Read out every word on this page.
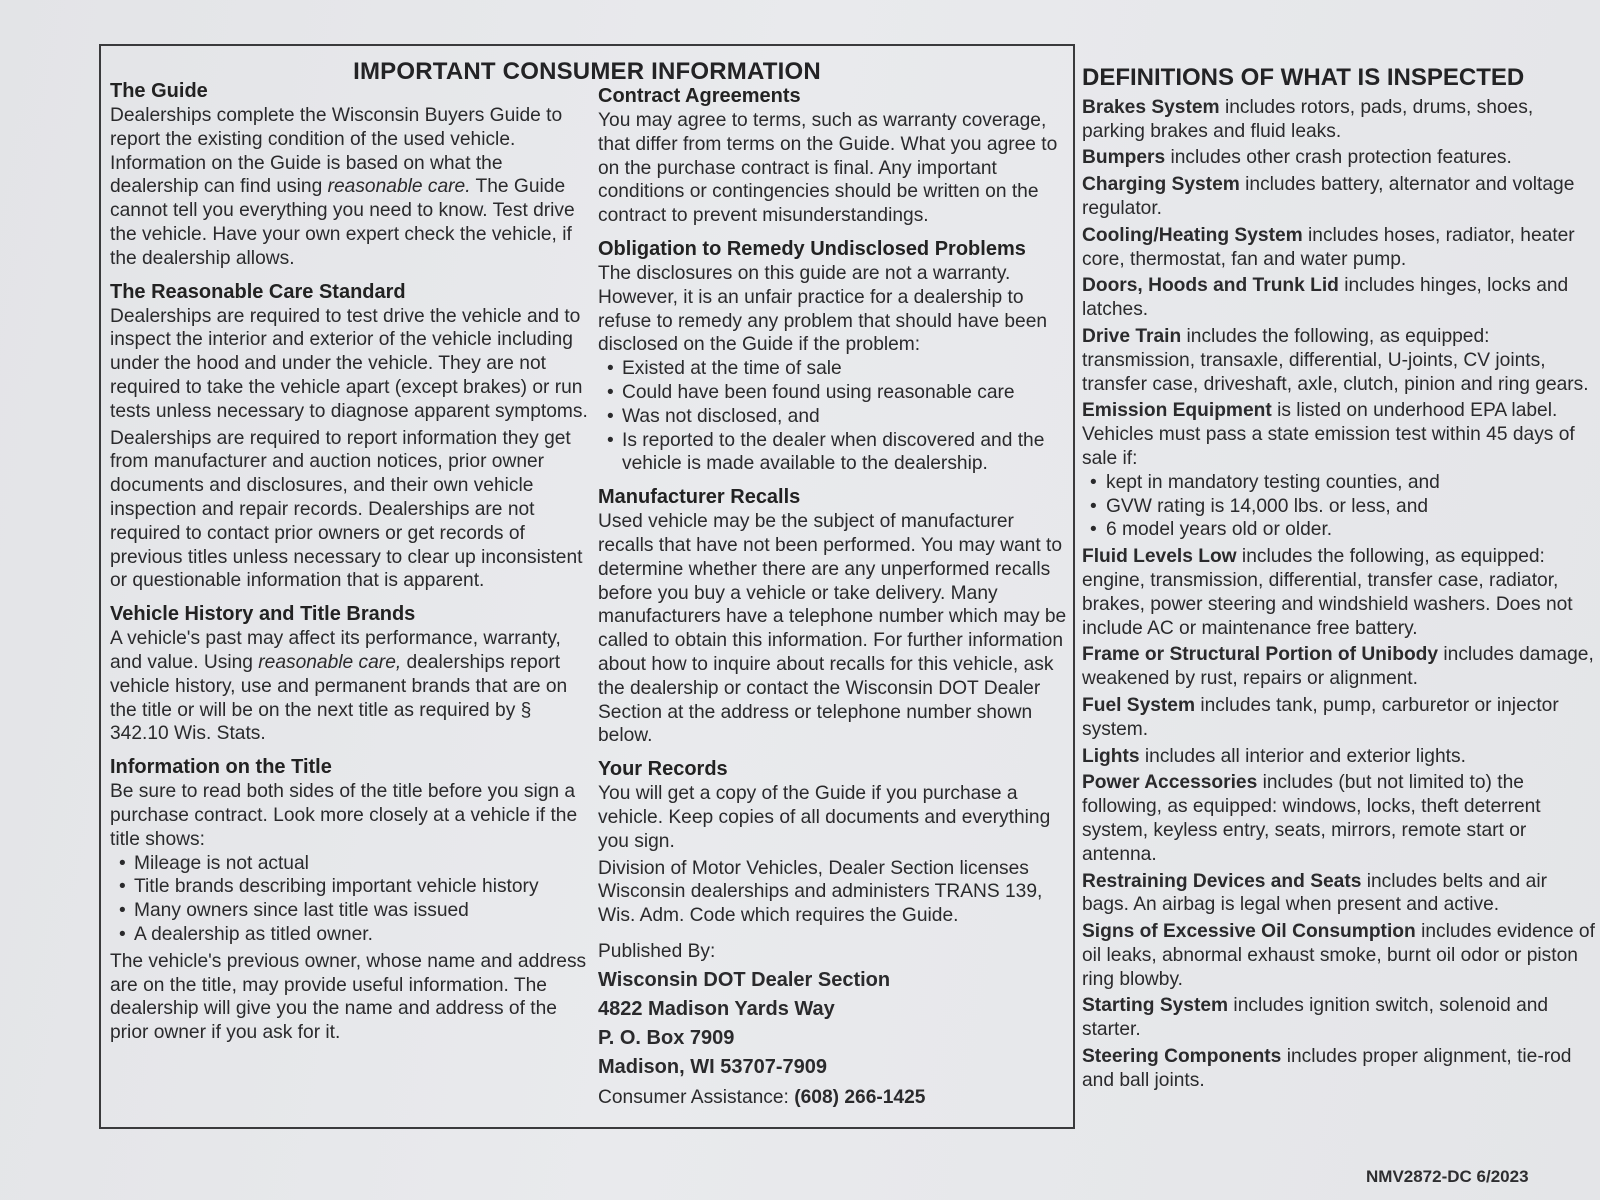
IMPORTANT CONSUMER INFORMATION
The Guide
Dealerships complete the Wisconsin Buyers Guide to report the existing condition of the used vehicle. Information on the Guide is based on what the dealership can find using reasonable care. The Guide cannot tell you everything you need to know. Test drive the vehicle. Have your own expert check the vehicle, if the dealership allows.
The Reasonable Care Standard
Dealerships are required to test drive the vehicle and to inspect the interior and exterior of the vehicle including under the hood and under the vehicle. They are not required to take the vehicle apart (except brakes) or run tests unless necessary to diagnose apparent symptoms.
Dealerships are required to report information they get from manufacturer and auction notices, prior owner documents and disclosures, and their own vehicle inspection and repair records. Dealerships are not required to contact prior owners or get records of previous titles unless necessary to clear up inconsistent or questionable information that is apparent.
Vehicle History and Title Brands
A vehicle's past may affect its performance, warranty, and value. Using reasonable care, dealerships report vehicle history, use and permanent brands that are on the title or will be on the next title as required by § 342.10 Wis. Stats.
Information on the Title
Be sure to read both sides of the title before you sign a purchase contract. Look more closely at a vehicle if the title shows:
• Mileage is not actual
• Title brands describing important vehicle history
• Many owners since last title was issued
• A dealership as titled owner.
The vehicle's previous owner, whose name and address are on the title, may provide useful information. The dealership will give you the name and address of the prior owner if you ask for it.
Contract Agreements
You may agree to terms, such as warranty coverage, that differ from terms on the Guide. What you agree to on the purchase contract is final. Any important conditions or contingencies should be written on the contract to prevent misunderstandings.
Obligation to Remedy Undisclosed Problems
The disclosures on this guide are not a warranty. However, it is an unfair practice for a dealership to refuse to remedy any problem that should have been disclosed on the Guide if the problem:
• Existed at the time of sale
• Could have been found using reasonable care
• Was not disclosed, and
• Is reported to the dealer when discovered and the vehicle is made available to the dealership.
Manufacturer Recalls
Used vehicle may be the subject of manufacturer recalls that have not been performed. You may want to determine whether there are any unperformed recalls before you buy a vehicle or take delivery. Many manufacturers have a telephone number which may be called to obtain this information. For further information about how to inquire about recalls for this vehicle, ask the dealership or contact the Wisconsin DOT Dealer Section at the address or telephone number shown below.
Your Records
You will get a copy of the Guide if you purchase a vehicle. Keep copies of all documents and everything you sign.
Division of Motor Vehicles, Dealer Section licenses Wisconsin dealerships and administers TRANS 139, Wis. Adm. Code which requires the Guide.
Published By:
Wisconsin DOT Dealer Section
4822 Madison Yards Way
P. O. Box 7909
Madison, WI 53707-7909
Consumer Assistance: (608) 266-1425
DEFINITIONS OF WHAT IS INSPECTED
Brakes System includes rotors, pads, drums, shoes, parking brakes and fluid leaks.
Bumpers includes other crash protection features.
Charging System includes battery, alternator and voltage regulator.
Cooling/Heating System includes hoses, radiator, heater core, thermostat, fan and water pump.
Doors, Hoods and Trunk Lid includes hinges, locks and latches.
Drive Train includes the following, as equipped: transmission, transaxle, differential, U-joints, CV joints, transfer case, driveshaft, axle, clutch, pinion and ring gears.
Emission Equipment is listed on underhood EPA label. Vehicles must pass a state emission test within 45 days of sale if:
• kept in mandatory testing counties, and
• GVW rating is 14,000 lbs. or less, and
• 6 model years old or older.
Fluid Levels Low includes the following, as equipped: engine, transmission, differential, transfer case, radiator, brakes, power steering and windshield washers. Does not include AC or maintenance free battery.
Frame or Structural Portion of Unibody includes damage, weakened by rust, repairs or alignment.
Fuel System includes tank, pump, carburetor or injector system.
Lights includes all interior and exterior lights.
Power Accessories includes (but not limited to) the following, as equipped: windows, locks, theft deterrent system, keyless entry, seats, mirrors, remote start or antenna.
Restraining Devices and Seats includes belts and air bags. An airbag is legal when present and active.
Signs of Excessive Oil Consumption includes evidence of oil leaks, abnormal exhaust smoke, burnt oil odor or piston ring blowby.
Starting System includes ignition switch, solenoid and starter.
Steering Components includes proper alignment, tie-rod and ball joints.
NMV2872-DC 6/2023
